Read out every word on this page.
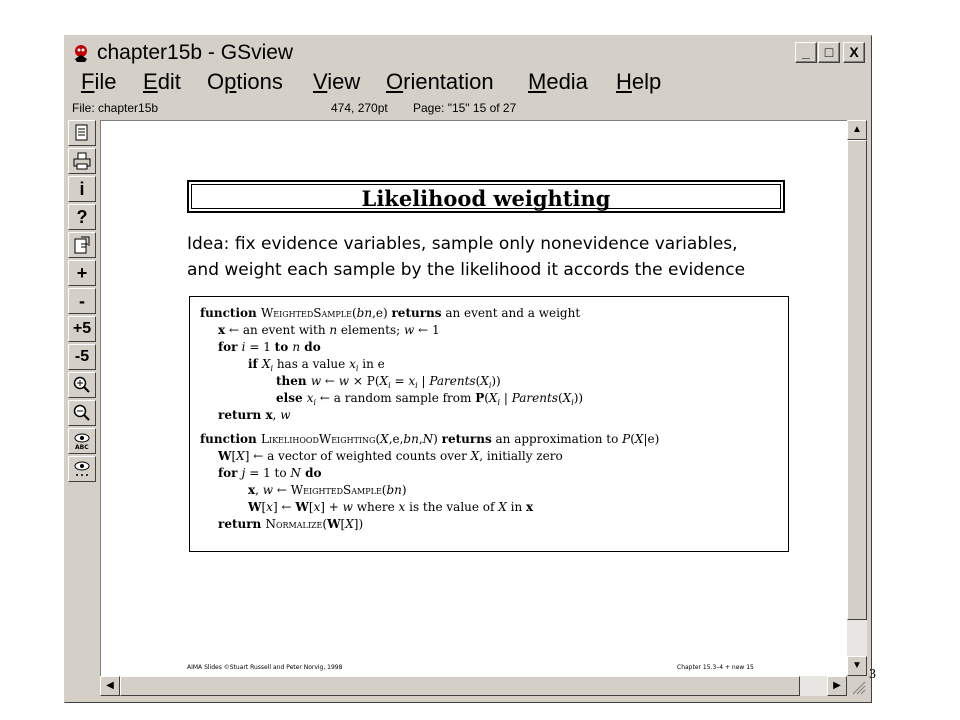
chapter15b - GSview	_	□	X
File Edit Options View Orientation Media Help
File: chapter15b	474, 270pt Page: "15" 15 of 27
i
?
+
-
+5
-5
ABC
Likelihood weighting
Idea: fix evidence variables, sample only nonevidence variables,
and weight each sample by the likelihood it accords the evidence
function WeightedSample(bn,e) returns an event and a weight
x ← an event with n elements; w ← 1
for i = 1 to n do
if $X_i$ has a value $x_i$ in e
then w ← $w \times P(X_i = x_i$ | $Parents(X_i)$)
else $x_i$ ← a random sample from $P(X_i$ | $Parents(X_i)$)
return x, w
function LikelihoodWeighting(X,e,bn,N) returns an approximation to P(X|e)
W[X] ← a vector of weighted counts over X, initially zero
for j = 1 to N do
x, w ← WeightedSample(bn)
W[x] ← W[x] + w where x is the value of X in x
return Normalize(W[X])
AIMA Slides ©Stuart Russell and Peter Norvig, 1998	Chapter 15.3–4 + new 15
▲
▼
◀	▶
3
